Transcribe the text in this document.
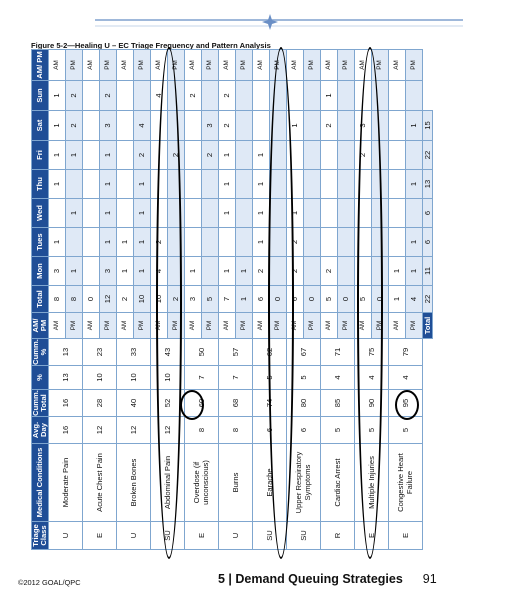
Figure 5-2—Healing U – EC Triage Frequency and Pattern Analysis
Triage Class	Medical Conditions	Avg. Day	Cumm. Total	%	Cumm. %	AM/ PM	Total	Mon	Tues	Wed	Thu	Fri	Sat	Sun	AM/ PM
U	Moderate Pain	16	16	13	13	AM	8	3	1		1	1	1	1	AM
						PM	8	1		1		1	2	2	PM
E	Acute Chest Pain	12	28	10	23	AM	0								AM
						PM	12	3	1	1	1	1	3	2	PM
U	Broken Bones	12	40	10	33	AM	2	1	1						AM
						PM	10	1	1	1	1	2	4		PM
SU	Abdominal Pain	12	52	10	43	AM	10	4	2					4	AM
						PM	2					2			PM
E	Overdose (if unconscious)	8	60	7	50	AM	3	1						2	AM
						PM	5					2	3		PM
U	Burns	8	68	7	57	AM	7	1		1	1	1	2	2	AM
						PM	1	1							PM
SU	Earache	6	74	5	62	AM	6	2	1	1	1	1			AM
						PM	0								PM
SU	Upper Respiratory Symptoms	6	80	5	67	AM	6	2	2	1			1		AM
						PM	0								PM
R	Cardiac Arrest	5	85	4	71	AM	5	2					2	1	AM
						PM	0								PM
E	Multiple Injuries	5	90	4	75	AM	5					2	3		AM
						PM	0								PM
E	Congestive Heart Failure	5	95	4	79	AM	1	1							AM
						PM	4	1	1		1		1		PM
						Total	22	11	6	6	13	22	15		
©2012 GOAL/QPC	5 | Demand Queuing Strategies 91
